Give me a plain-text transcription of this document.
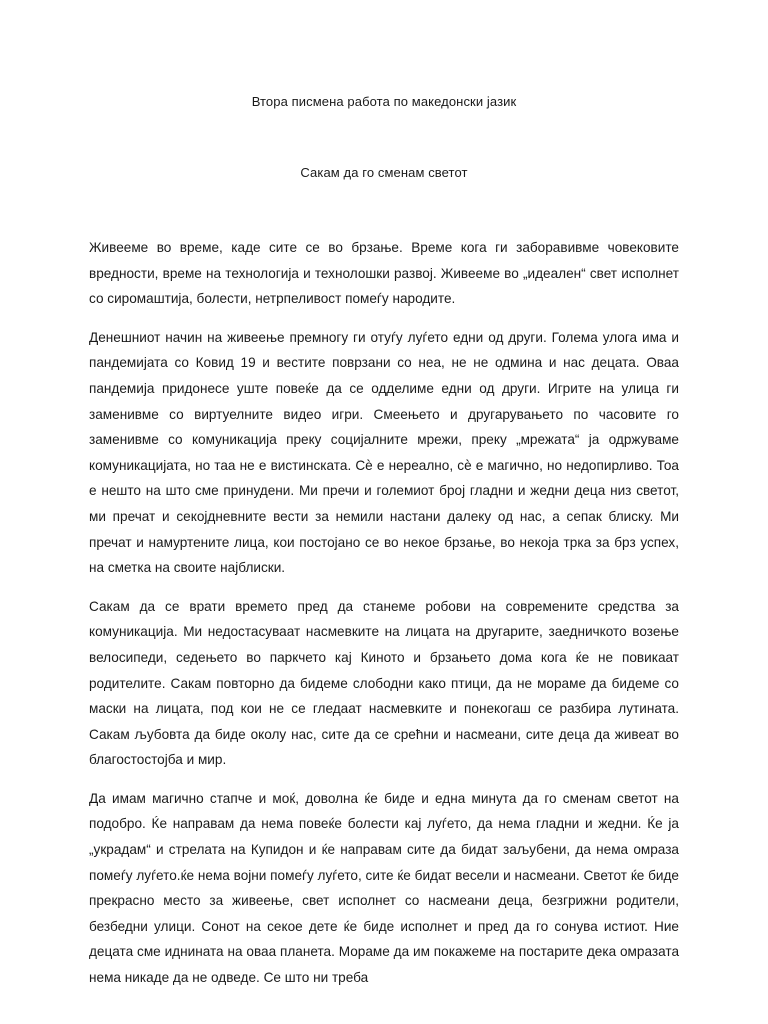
Втора писмена работа по македонски јазик
Сакам да го сменам светот

Живееме во време, каде сите се во брзање. Време кога ги заборавивме човековите вредности, време на технологија и технолошки развој. Живееме во „идеален“ свет исполнет со сиромаштија, болести, нетрпеливост помеѓу народите.

Денешниот начин на живеење премногу ги отуѓу луѓето едни од други. Голема улога има и пандемијата со Ковид 19 и вестите поврзани со неа, не не одмина и нас децата. Оваа пандемија придонесе уште повеќе да се одделиме едни од други. Игрите на улица ги заменивме со виртуелните видео игри. Смеењето и другарувањето по часовите го заменивме со комуникација преку социјалните мрежи, преку „мрежата“ ја одржуваме комуникацијата, но таа не е вистинската. Сѐ е нереално, сѐ е магично, но недопирливо. Тоа е нешто на што сме принудени. Ми пречи и големиот број гладни и жедни деца низ светот, ми пречат и секојдневните вести за немили настани далеку од нас, а сепак блиску. Ми пречат и намуртените лица, кои постојано се во некое брзање, во некоја трка за брз успех, на сметка на своите најблиски.

Сакам да се врати времето пред да станеме робови на современите средства за комуникација. Ми недостасуваат насмевките на лицата на другарите, заедничкото возење велосипеди, седењето во паркчето кај Киното и брзањето дома кога ќе не повикаат родителите. Сакам повторно да бидеме слободни како птици, да не мораме да бидеме со маски на лицата, под кои не се гледаат насмевките и понекогаш се разбира лутината. Сакам љубовта да биде околу нас, сите да се срећни и насмеани, сите деца да живеат во благостостојба и мир.

Да имам магично стапче и моќ, доволна ќе биде и една минута да го сменам светот на подобро. Ќе направам да нема повеќе болести кај луѓето, да нема гладни и жедни. Ќе ја „украдам“ и стрелата на Купидон и ќе направам сите да бидат заљубени, да нема омраза помеѓу луѓето.ќе нема војни помеѓу луѓето, сите ќе бидат весели и насмеани. Светот ќе биде прекрасно место за живеење, свет исполнет со насмеани деца, безгрижни родители, безбедни улици. Сонот на секое дете ќе биде исполнет и пред да го сонува истиот. Ние децата сме иднината на оваа планета. Мораме да им покажеме на постарите дека омразата нема никаде да не одведе. Се што ни треба
